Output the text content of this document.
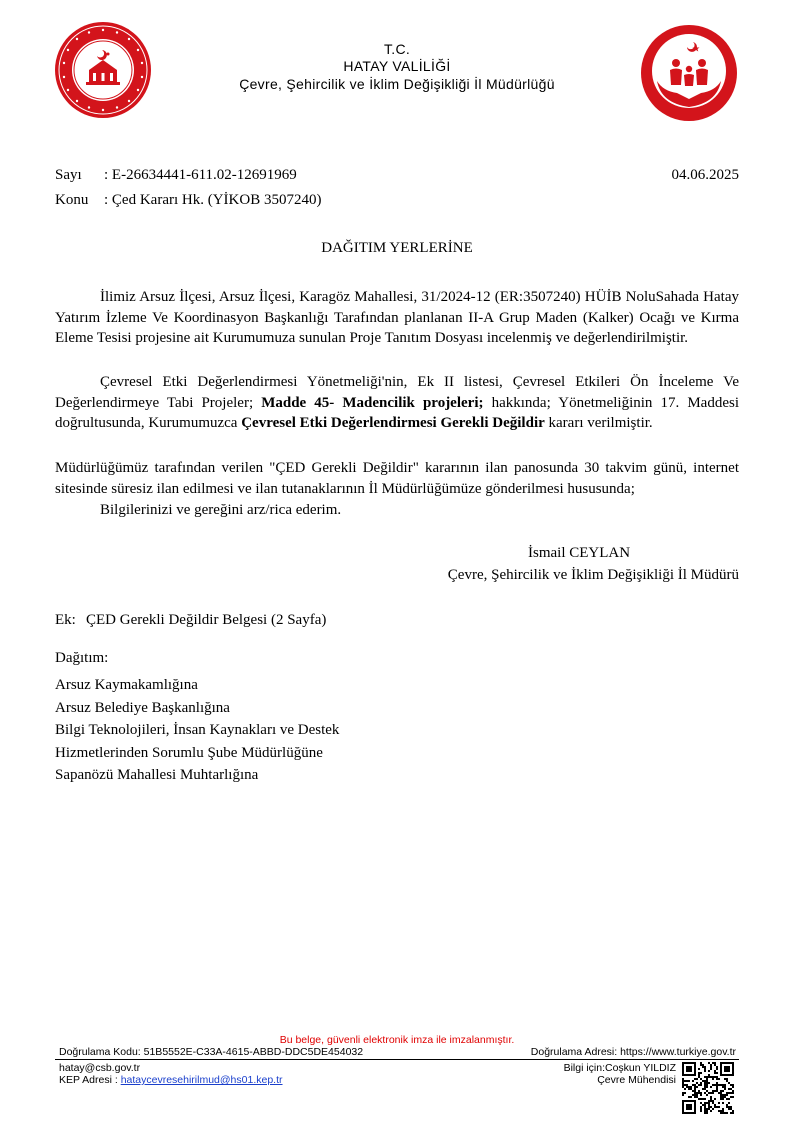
T.C.
HATAY VALİLİĞİ
Çevre, Şehircilik ve İklim Değişikliği İl Müdürlüğü
Sayı : E-26634441-611.02-12691969	04.06.2025
Konu : Çed Kararı Hk. (YİKOB 3507240)
DAĞITIM YERLERİNE
İlimiz Arsuz İlçesi, Arsuz İlçesi, Karagöz Mahallesi, 31/2024-12 (ER:3507240) HÜİB NoluSahada Hatay Yatırım İzleme Ve Koordinasyon Başkanlığı Tarafından planlanan II-A Grup Maden (Kalker) Ocağı ve Kırma Eleme Tesisi projesine ait Kurumumuza sunulan Proje Tanıtım Dosyası incelenmiş ve değerlendirilmiştir.
Çevresel Etki Değerlendirmesi Yönetmeliği'nin, Ek II listesi, Çevresel Etkileri Ön İnceleme Ve Değerlendirmeye Tabi Projeler; Madde 45- Madencilik projeleri; hakkında; Yönetmeliğinin 17. Maddesi doğrultusunda, Kurumumuzca Çevresel Etki Değerlendirmesi Gerekli Değildir kararı verilmiştir.
Müdürlüğümüz tarafından verilen "ÇED Gerekli Değildir" kararının ilan panosunda 30 takvim günü, internet sitesinde süresiz ilan edilmesi ve ilan tutanaklarının İl Müdürlüğümüze gönderilmesi hususunda;
Bilgilerinizi ve gereğini arz/rica ederim.
İsmail CEYLAN
Çevre, Şehircilik ve İklim Değişikliği İl Müdürü
Ek: ÇED Gerekli Değildir Belgesi (2 Sayfa)
Dağıtım:
Arsuz Kaymakamlığına
Arsuz Belediye Başkanlığına
Bilgi Teknolojileri, İnsan Kaynakları ve Destek
Hizmetlerinden Sorumlu Şube Müdürlüğüne
Sapanözü Mahallesi Muhtarlığına
Bu belge, güvenli elektronik imza ile imzalanmıştır.
Doğrulama Kodu: 51B5552E-C33A-4615-ABBD-DDC5DE454032	Doğrulama Adresi: https://www.turkiye.gov.tr
hatay@csb.gov.tr
KEP Adresi : hataycevresehirilmud@hs01.kep.tr
Bilgi için:Coşkun YILDIZ
Çevre Mühendisi
